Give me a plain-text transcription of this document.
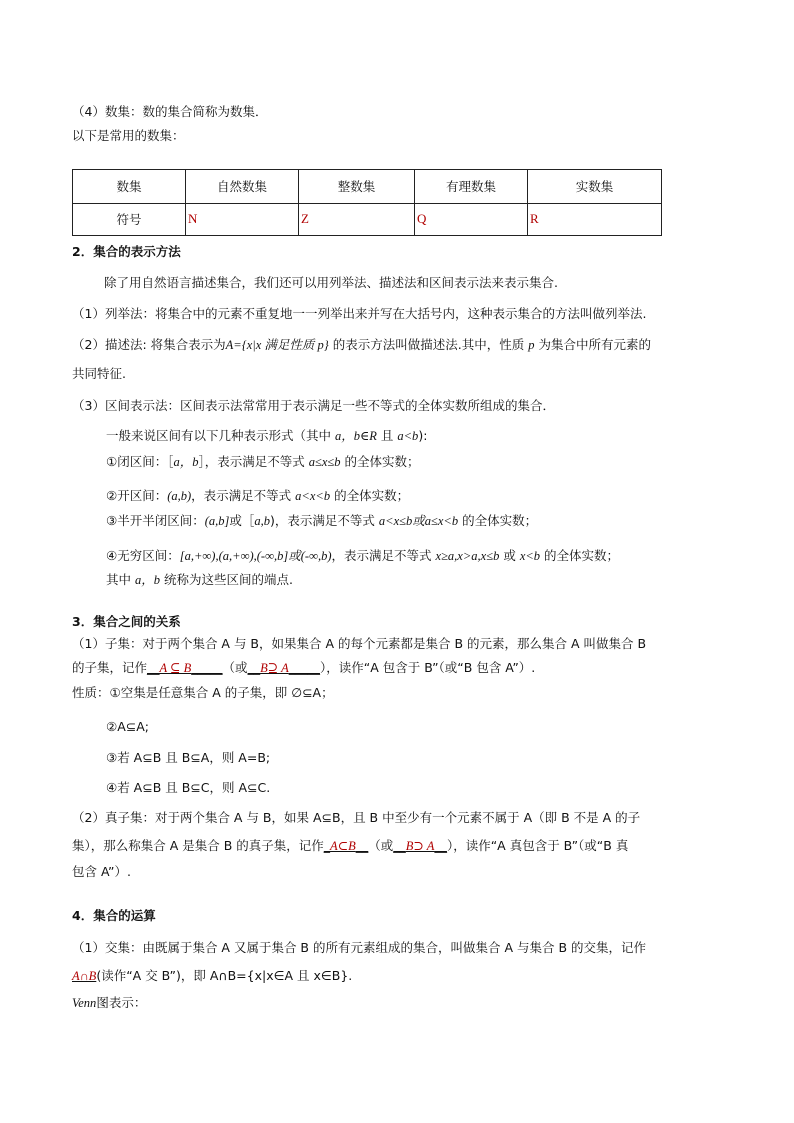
（4）数集：数的集合简称为数集．
以下是常用的数集：
数集	自然数集	整数集	有理数集	实数集
符号	N	Z	Q	R
2．集合的表示方法
除了用自然语言描述集合，我们还可以用列举法、描述法和区间表示法来表示集合.
（1）列举法：将集合中的元素不重复地一一列举出来并写在大括号内，这种表示集合的方法叫做列举法.
（2）描述法: 将集合表示为A={x|x 满足性质 p} 的表示方法叫做描述法.其中，性质 p 为集合中所有元素的
共同特征.
（3）区间表示法：区间表示法常常用于表示满足一些不等式的全体实数所组成的集合．
一般来说区间有以下几种表示形式（其中 a，b∈R 且 a<b):
①闭区间：［a，b］，表示满足不等式 a≤x≤b 的全体实数；
②开区间：(a,b)，表示满足不等式 a<x<b 的全体实数；
③半开半闭区间：(a,b]或［a,b)，表示满足不等式 a<x≤b或a≤x<b 的全体实数；
④无穷区间：[a,+∞),(a,+∞),(-∞,b]或(-∞,b)，表示满足不等式 x≥a,x>a,x≤b 或 x<b 的全体实数；
其中 a，b 统称为这些区间的端点.
3．集合之间的关系
（1）子集：对于两个集合 A 与 B，如果集合 A 的每个元素都是集合 B 的元素，那么集合 A 叫做集合 B
的子集，记作__A ⊆ B_____（或__B⊇ A_____），读作“A 包含于 B”（或“B 包含 A”）.
性质：①空集是任意集合 A 的子集，即 ∅⊆A；
②A⊆A;
③若 A⊆B 且 B⊆A，则 A=B;
④若 A⊆B 且 B⊆C，则 A⊆C.
（2）真子集：对于两个集合 A 与 B，如果 A⊆B，且 B 中至少有一个元素不属于 A（即 B 不是 A 的子
集），那么称集合 A 是集合 B 的真子集，记作_A⊂B__（或__B⊃ A__），读作“A 真包含于 B”（或“B 真
包含 A”）.
4．集合的运算
（1）交集：由既属于集合 A 又属于集合 B 的所有元素组成的集合，叫做集合 A 与集合 B 的交集，记作
A∩B(读作“A 交 B”)，即 A∩B={x|x∈A 且 x∈B}.
Venn图表示：
